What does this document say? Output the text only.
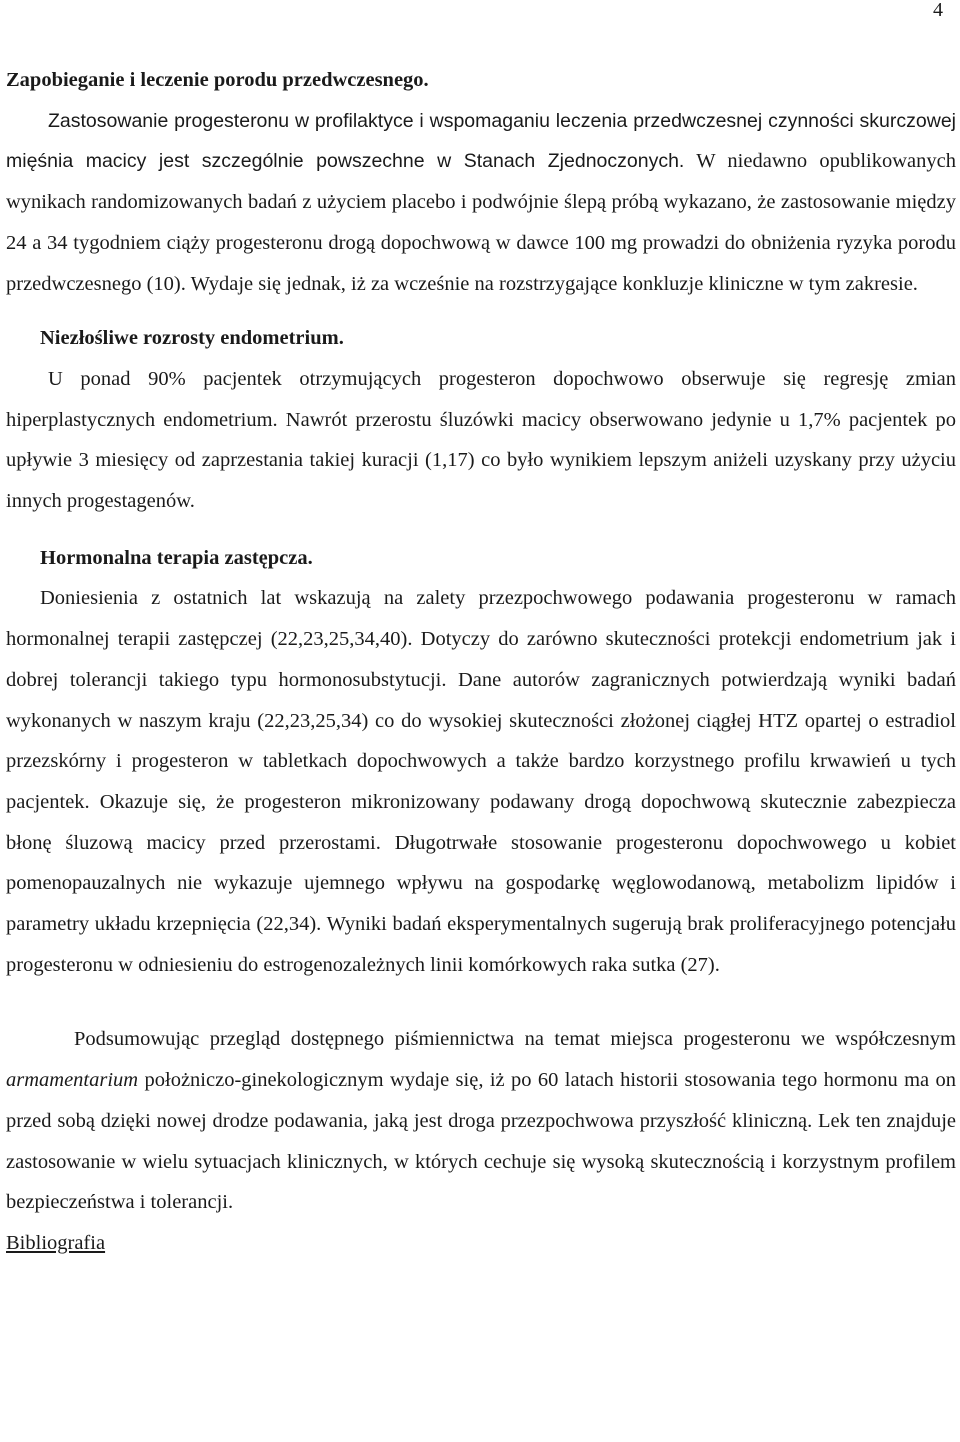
4

Zapobieganie i leczenie porodu przedwczesnego.

Zastosowanie progesteronu w profilaktyce i wspomaganiu leczenia przedwczesnej czynności skurczowej mięśnia macicy jest szczególnie powszechne w Stanach Zjednoczonych. W niedawno opublikowanych wynikach randomizowanych badań z użyciem placebo i podwójnie ślepą próbą wykazano, że zastosowanie między 24 a 34 tygodniem ciąży progesteronu drogą dopochwową w dawce 100 mg prowadzi do obniżenia ryzyka porodu przedwczesnego (10). Wydaje się jednak, iż za wcześnie na rozstrzygające konkluzje kliniczne w tym zakresie.

Niezłośliwe rozrosty endometrium.

U ponad 90% pacjentek otrzymujących progesteron dopochwowo obserwuje się regresję zmian hiperplastycznych endometrium. Nawrót przerostu śluzówki macicy obserwowano jedynie u 1,7% pacjentek po upływie 3 miesięcy od zaprzestania takiej kuracji (1,17) co było wynikiem lepszym aniżeli uzyskany przy użyciu innych progestagenów.

Hormonalna terapia zastępcza.

Doniesienia z ostatnich lat wskazują na zalety przezpochwowego podawania progesteronu w ramach hormonalnej terapii zastępczej (22,23,25,34,40). Dotyczy do zarówno skuteczności protekcji endometrium jak i dobrej tolerancji takiego typu hormonosubstytucji. Dane autorów zagranicznych potwierdzają wyniki badań wykonanych w naszym kraju (22,23,25,34) co do wysokiej skuteczności złożonej ciągłej HTZ opartej o estradiol przezskórny i progesteron w tabletkach dopochwowych a także bardzo korzystnego profilu krwawień u tych pacjentek. Okazuje się, że progesteron mikronizowany podawany drogą dopochwową skutecznie zabezpiecza błonę śluzową macicy przed przerostami. Długotrwałe stosowanie progesteronu dopochwowego u kobiet pomenopauzalnych nie wykazuje ujemnego wpływu na gospodarkę węglowodanową, metabolizm lipidów i parametry układu krzepnięcia (22,34). Wyniki badań eksperymentalnych sugerują brak proliferacyjnego potencjału progesteronu w odniesieniu do estrogenozależnych linii komórkowych raka sutka (27).

Podsumowując przegląd dostępnego piśmiennictwa na temat miejsca progesteronu we współczesnym armamentarium położniczo-ginekologicznym wydaje się, iż po 60 latach historii stosowania tego hormonu ma on przed sobą dzięki nowej drodze podawania, jaką jest droga przezpochwowa przyszłość kliniczną. Lek ten znajduje zastosowanie w wielu sytuacjach klinicznych, w których cechuje się wysoką skutecznością i korzystnym profilem bezpieczeństwa i tolerancji.

Bibliografia
